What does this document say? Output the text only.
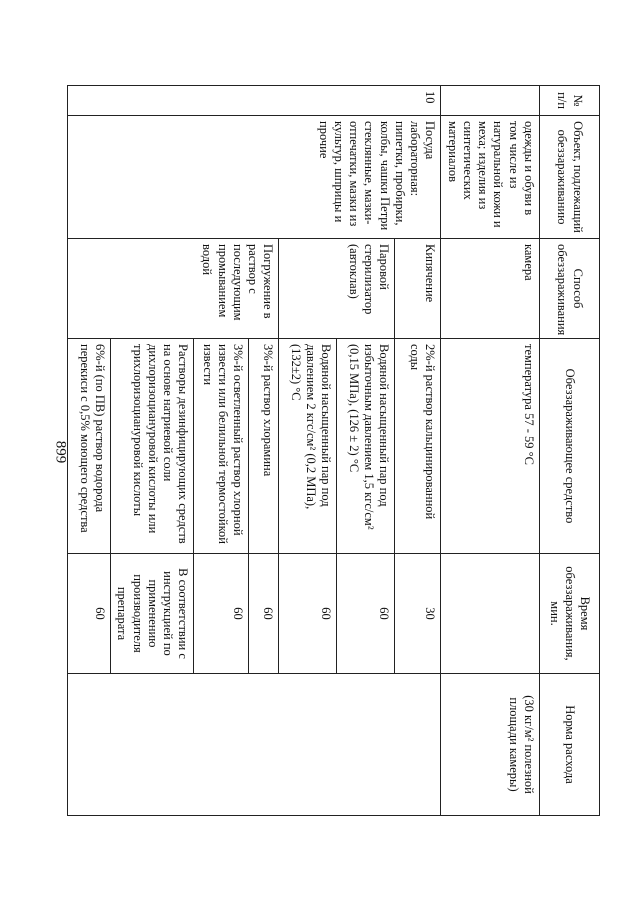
899
№ п/п	Объект, подлежащий обеззараживанию	Способ обеззараживания	Обеззараживающее средство	Время обеззараживания, мин.	Норма расхода
	одежды и обуви в том числе из натуральной кожи и меха; изделия из синтетических материалов	камера	температура 57 - 59 °C		(30 кг/м² полезной площади камеры)
10	Посуда лабораторная: пипетки, пробирки, колбы, чашки Петри стеклянные, мазки-отпечатки, мазки из культур, шприцы и прочие	Кипячение	2%-й раствор кальцинированной соды	30	
		Паровой стерилизатор (автоклав)	Водяной насыщенный пар под избыточным давлением 1,5 кгс/см² (0,15 МПа), (126 ± 2) °C	60	
			Водяной насыщенный пар под давлением 2 кгс/см² (0,2 МПа), (132±2) °C	60	
		Погружение в раствор с последующим промыванием водой	3%-й раствор хлорамина	60	
			3%-й осветленный раствор хлорной извести или белильной термостойкой извести	60	
			Растворы дезинфицирующих средств на основе натриевой соли дихлоризоциануровой кислоты или трихлоризоциануровой кислоты	В соответствии с инструкцией по применению производителя препарата	
			6%-й (по ПВ) раствор водорода перекиси с 0,5% моющего средства	60	
